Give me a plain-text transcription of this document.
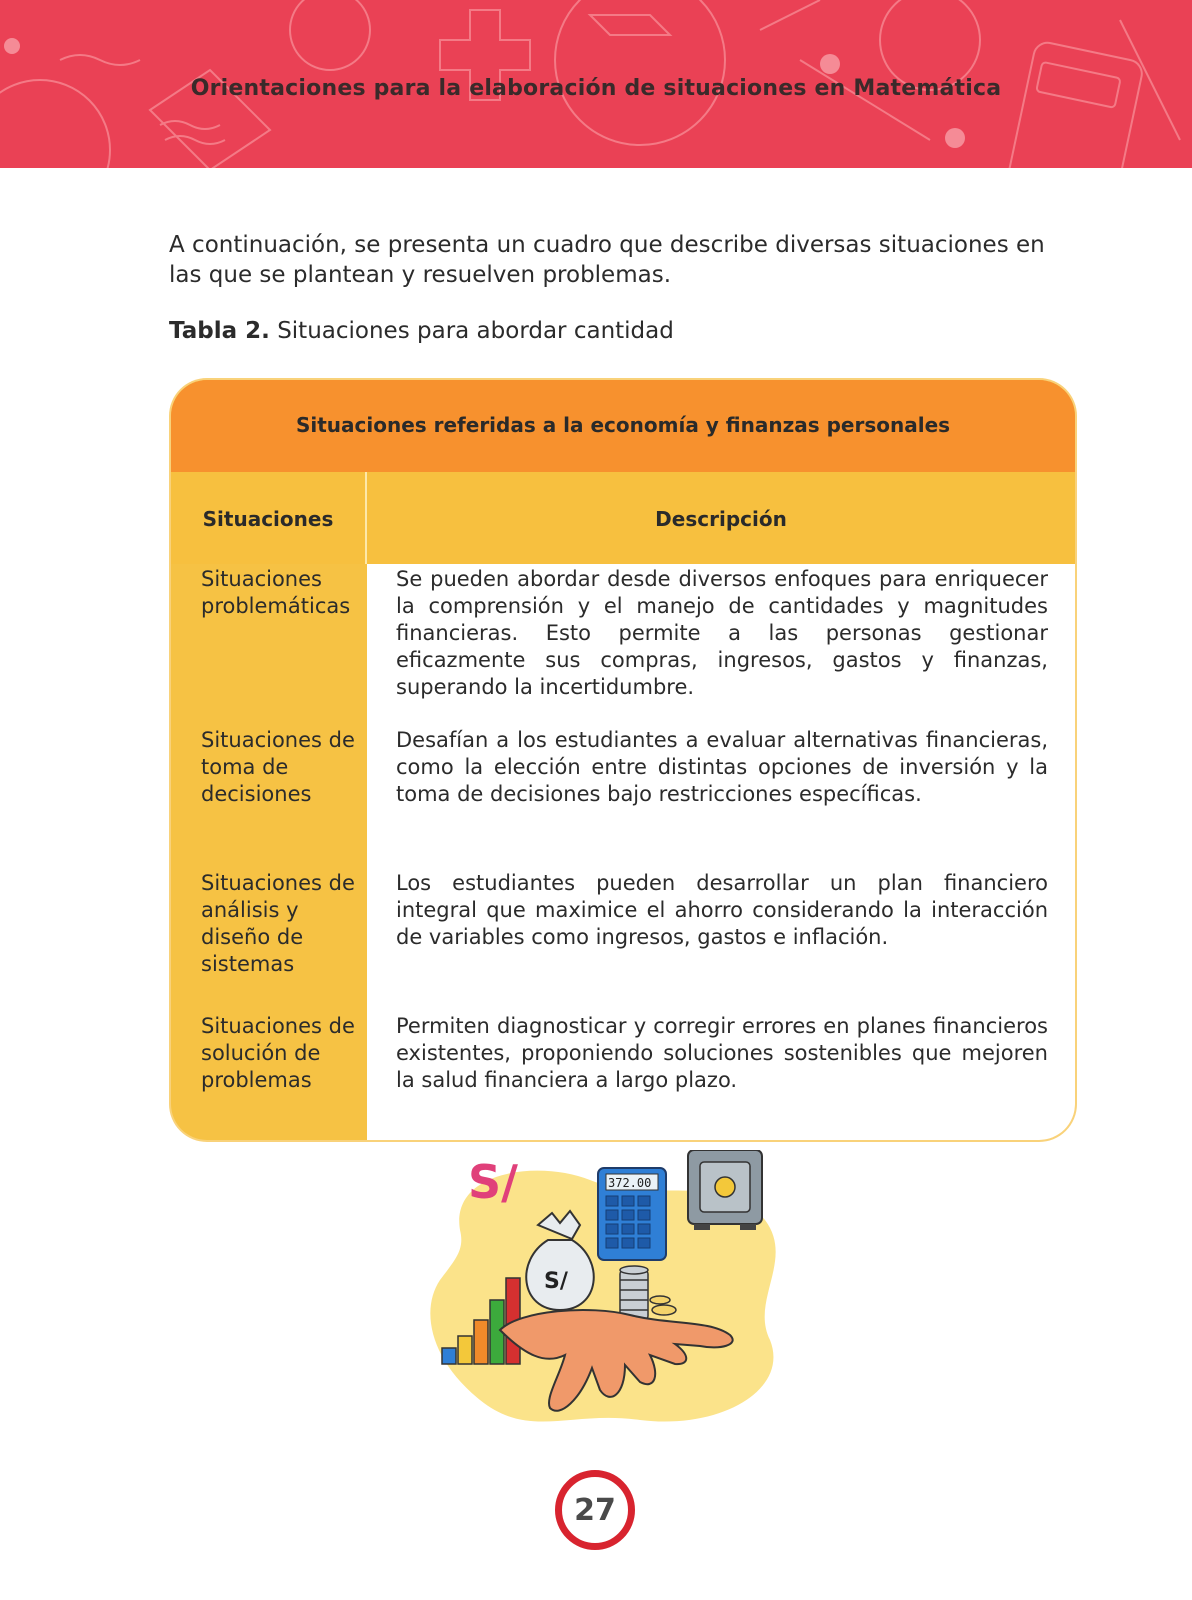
Orientaciones para la elaboración de situaciones en Matemática
A continuación, se presenta un cuadro que describe diversas situaciones en las que se plantean y resuelven problemas.
Tabla 2. Situaciones para abordar cantidad
Situaciones referidas a la economía y finanzas personales
Situaciones	Descripción
Situaciones problemáticas
Se pueden abordar desde diversos enfoques para enriquecer la comprensión y el manejo de cantidades y magnitudes financieras. Esto permite a las personas gestionar eficazmente sus compras, ingresos, gastos y finanzas, superando la incertidumbre.
Situaciones de toma de decisiones
Desafían a los estudiantes a evaluar alternativas financieras, como la elección entre distintas opciones de inversión y la toma de decisiones bajo restricciones específicas.
Situaciones de análisis y diseño de sistemas
Los estudiantes pueden desarrollar un plan financiero integral que maximice el ahorro considerando la interacción de variables como ingresos, gastos e inflación.
Situaciones de solución de problemas
Permiten diagnosticar y corregir errores en planes financieros existentes, proponiendo soluciones sostenibles que mejoren la salud financiera a largo plazo.
S/
S/
372.00
27
